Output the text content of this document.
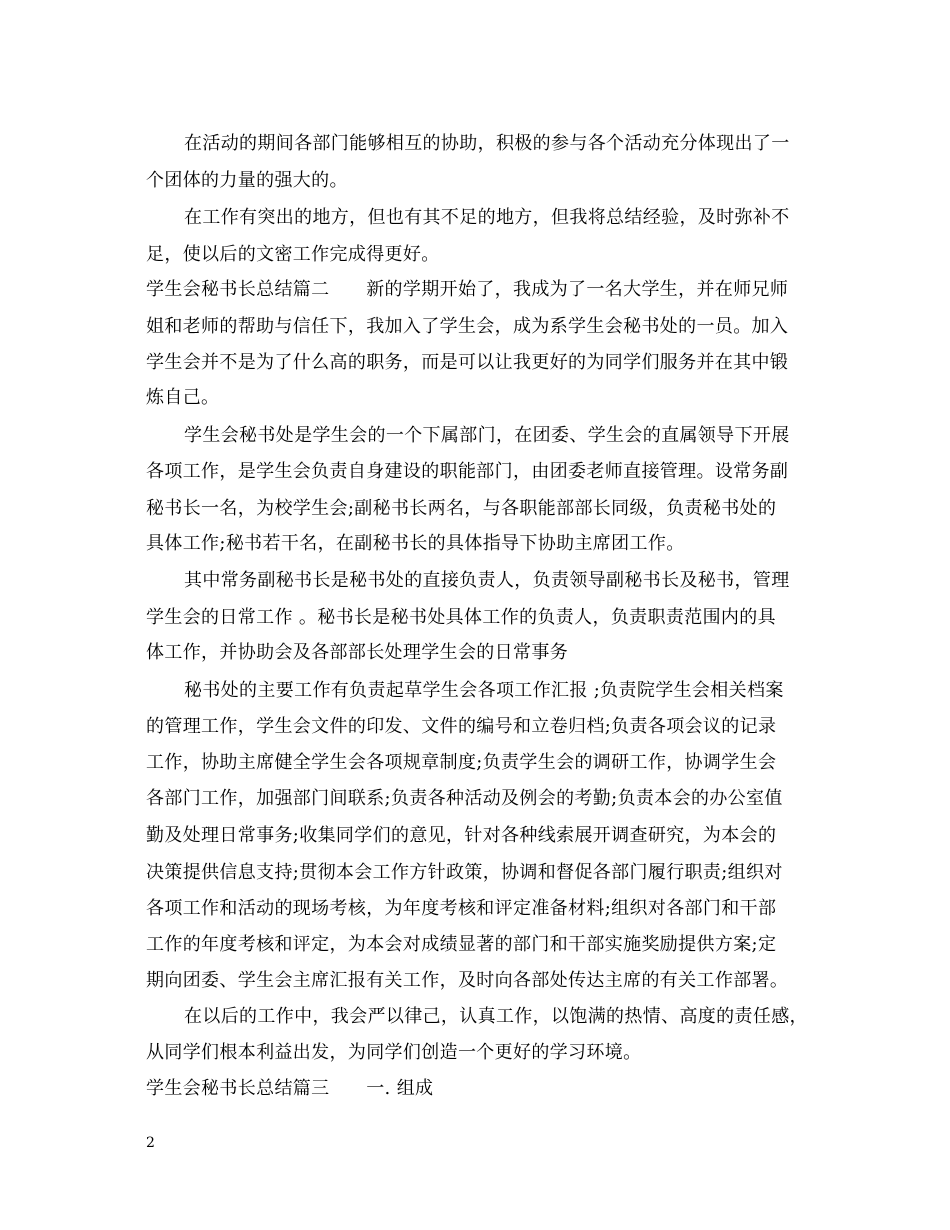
在活动的期间各部门能够相互的协助，积极的参与各个活动充分体现出了一
个团体的力量的强大的。
在工作有突出的地方，但也有其不足的地方，但我将总结经验，及时弥补不
足，使以后的文密工作完成得更好。
学生会秘书长总结篇二　　新的学期开始了，我成为了一名大学生，并在师兄师
姐和老师的帮助与信任下，我加入了学生会，成为系学生会秘书处的一员。加入
学生会并不是为了什么高的职务，而是可以让我更好的为同学们服务并在其中锻
炼自己。
学生会秘书处是学生会的一个下属部门，在团委、学生会的直属领导下开展
各项工作，是学生会负责自身建设的职能部门，由团委老师直接管理。设常务副
秘书长一名，为校学生会;副秘书长两名，与各职能部部长同级，负责秘书处的
具体工作;秘书若干名，在副秘书长的具体指导下协助主席团工作。
其中常务副秘书长是秘书处的直接负责人，负责领导副秘书长及秘书，管理
学生会的日常工作 。秘书长是秘书处具体工作的负责人，负责职责范围内的具
体工作，并协助会及各部部长处理学生会的日常事务
秘书处的主要工作有负责起草学生会各项工作汇报 ;负责院学生会相关档案
的管理工作，学生会文件的印发、文件的编号和立卷归档;负责各项会议的记录
工作，协助主席健全学生会各项规章制度;负责学生会的调研工作，协调学生会
各部门工作，加强部门间联系;负责各种活动及例会的考勤;负责本会的办公室值
勤及处理日常事务;收集同学们的意见，针对各种线索展开调查研究，为本会的
决策提供信息支持;贯彻本会工作方针政策，协调和督促各部门履行职责;组织对
各项工作和活动的现场考核，为年度考核和评定准备材料;组织对各部门和干部
工作的年度考核和评定，为本会对成绩显著的部门和干部实施奖励提供方案;定
期向团委、学生会主席汇报有关工作，及时向各部处传达主席的有关工作部署。
在以后的工作中，我会严以律己，认真工作，以饱满的热情、高度的责任感，
从同学们根本利益出发，为同学们创造一个更好的学习环境。
学生会秘书长总结篇三　　一. 组成
2
